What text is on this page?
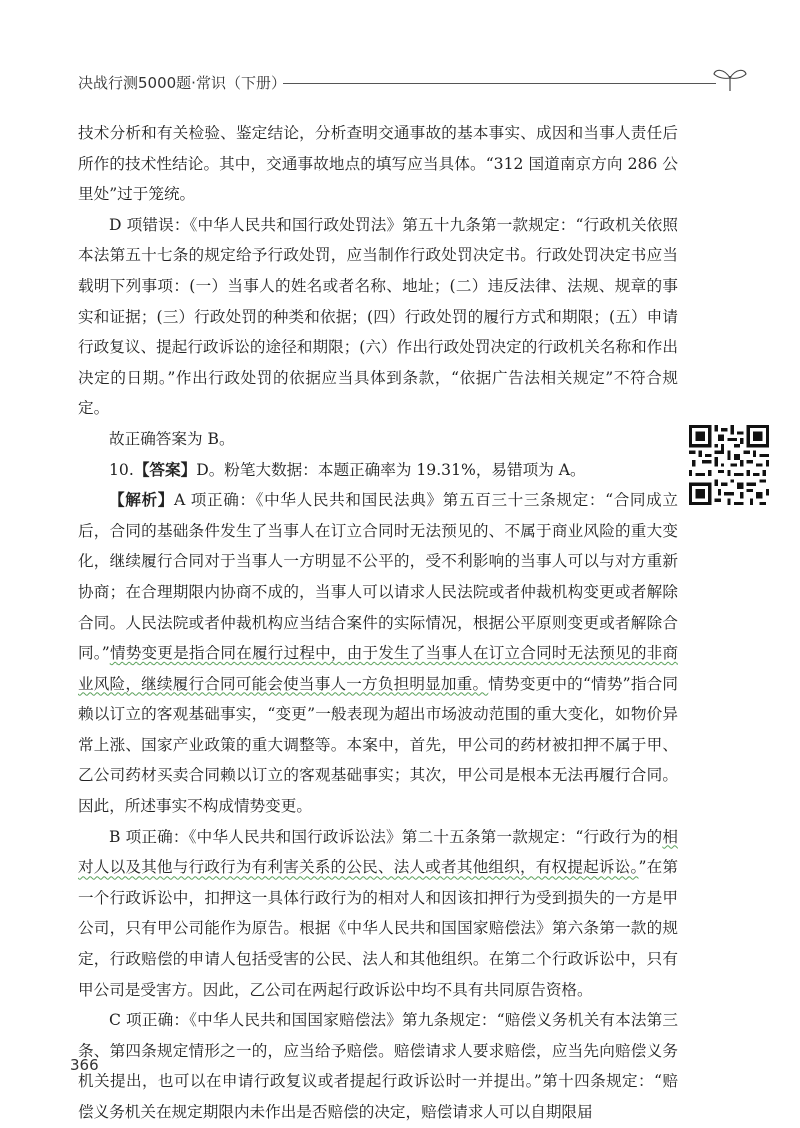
决战行测5000题·常识（下册）

技术分析和有关检验、鉴定结论，分析查明交通事故的基本事实、成因和当事人责任后所作的技术性结论。其中，交通事故地点的填写应当具体。“312 国道南京方向 286 公里处”过于笼统。

D 项错误：《中华人民共和国行政处罚法》第五十九条第一款规定：“行政机关依照本法第五十七条的规定给予行政处罚，应当制作行政处罚决定书。行政处罚决定书应当载明下列事项：(一）当事人的姓名或者名称、地址；(二）违反法律、法规、规章的事实和证据；(三）行政处罚的种类和依据；(四）行政处罚的履行方式和期限；(五）申请行政复议、提起行政诉讼的途径和期限；(六）作出行政处罚决定的行政机关名称和作出决定的日期。”作出行政处罚的依据应当具体到条款，“依据广告法相关规定”不符合规定。

故正确答案为 B。

10.【答案】D。粉笔大数据：本题正确率为 19.31%，易错项为 A。

【解析】A 项正确：《中华人民共和国民法典》第五百三十三条规定：“合同成立后，合同的基础条件发生了当事人在订立合同时无法预见的、不属于商业风险的重大变化，继续履行合同对于当事人一方明显不公平的，受不利影响的当事人可以与对方重新协商；在合理期限内协商不成的，当事人可以请求人民法院或者仲裁机构变更或者解除合同。人民法院或者仲裁机构应当结合案件的实际情况，根据公平原则变更或者解除合同。”情势变更是指合同在履行过程中，由于发生了当事人在订立合同时无法预见的非商业风险，继续履行合同可能会使当事人一方负担明显加重。情势变更中的“情势”指合同赖以订立的客观基础事实，“变更”一般表现为超出市场波动范围的重大变化，如物价异常上涨、国家产业政策的重大调整等。本案中，首先，甲公司的药材被扣押不属于甲、乙公司药材买卖合同赖以订立的客观基础事实；其次，甲公司是根本无法再履行合同。因此，所述事实不构成情势变更。

B 项正确：《中华人民共和国行政诉讼法》第二十五条第一款规定：“行政行为的相对人以及其他与行政行为有利害关系的公民、法人或者其他组织，有权提起诉讼。”在第一个行政诉讼中，扣押这一具体行政行为的相对人和因该扣押行为受到损失的一方是甲公司，只有甲公司能作为原告。根据《中华人民共和国国家赔偿法》第六条第一款的规定，行政赔偿的申请人包括受害的公民、法人和其他组织。在第二个行政诉讼中，只有甲公司是受害方。因此，乙公司在两起行政诉讼中均不具有共同原告资格。

C 项正确：《中华人民共和国国家赔偿法》第九条规定：“赔偿义务机关有本法第三条、第四条规定情形之一的，应当给予赔偿。赔偿请求人要求赔偿，应当先向赔偿义务机关提出，也可以在申请行政复议或者提起行政诉讼时一并提出。”第十四条规定：“赔偿义务机关在规定期限内未作出是否赔偿的决定，赔偿请求人可以自期限届

366
